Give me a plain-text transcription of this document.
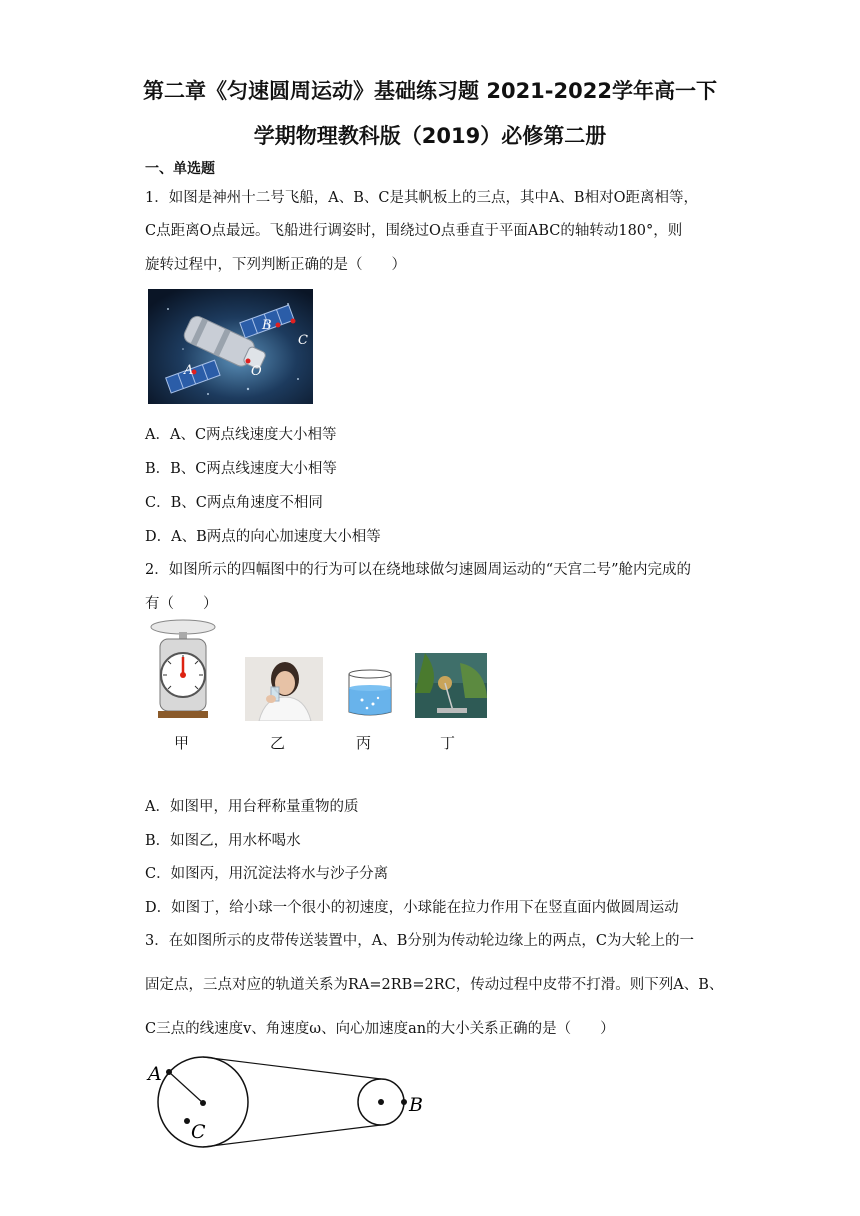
第二章《匀速圆周运动》基础练习题 2021-2022学年高一下
学期物理教科版（2019）必修第二册
一、单选题
1．如图是神州十二号飞船，A、B、C是其帆板上的三点，其中A、B相对O距离相等，
C点距离O点最远。飞船进行调姿时，围绕过O点垂直于平面ABC的轴转动180°，则
旋转过程中，下列判断正确的是（　　）
A
B
C
O
A．A、C两点线速度大小相等
B．B、C两点线速度大小相等
C．B、C两点角速度不相同
D．A、B两点的向心加速度大小相等
2．如图所示的四幅图中的行为可以在绕地球做匀速圆周运动的“天宫二号”舱内完成的
有（　　）
甲	乙	丙	丁
A．如图甲，用台秤称量重物的质
B．如图乙，用水杯喝水
C．如图丙，用沉淀法将水与沙子分离
D．如图丁，给小球一个很小的初速度，小球能在拉力作用下在竖直面内做圆周运动
3．在如图所示的皮带传送装置中，A、B分别为传动轮边缘上的两点，C为大轮上的一
固定点，三点对应的轨道关系为RA=2RB=2RC，传动过程中皮带不打滑。则下列A、B、
C三点的线速度v、角速度ω、向心加速度an的大小关系正确的是（　　）
A
B
C
